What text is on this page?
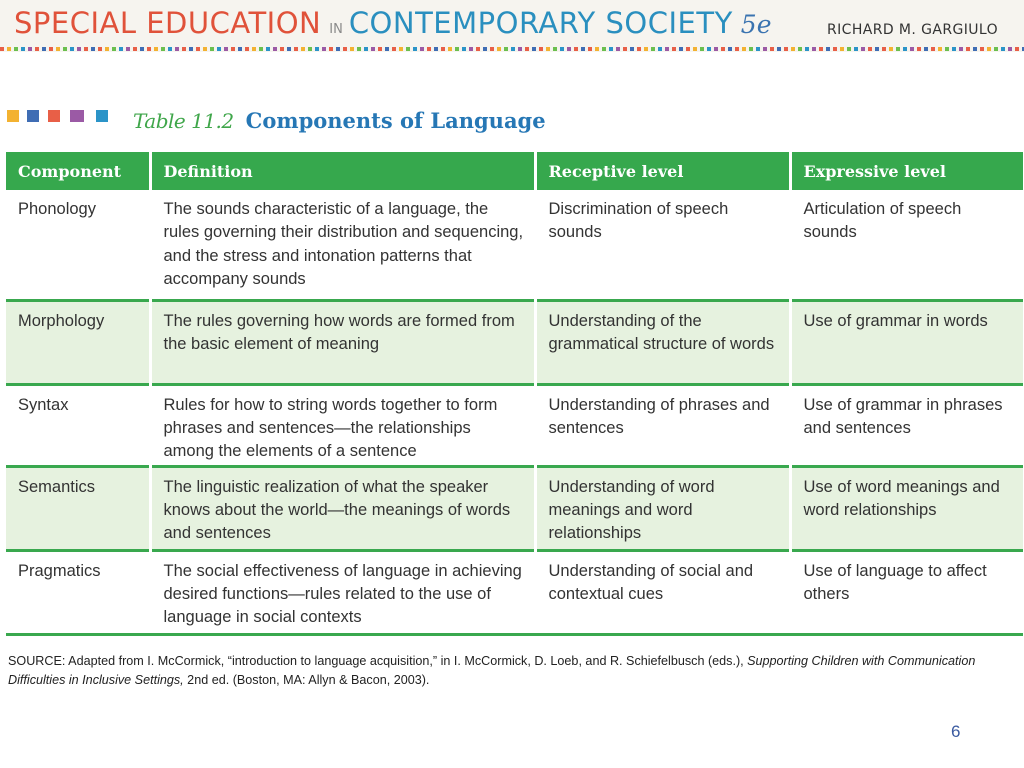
SPECIAL EDUCATION IN CONTEMPORARY SOCIETY 5e	RICHARD M. GARGIULO
Table 11.2 Components of Language
Component	Definition	Receptive level	Expressive level
Phonology	The sounds characteristic of a language, the rules governing their distribution and sequencing, and the stress and intonation patterns that accompany sounds	Discrimination of speech sounds	Articulation of speech sounds
Morphology	The rules governing how words are formed from the basic element of meaning	Understanding of the grammatical structure of words	Use of grammar in words
Syntax	Rules for how to string words together to form phrases and sentences—the relationships among the elements of a sentence	Understanding of phrases and sentences	Use of grammar in phrases and sentences
Semantics	The linguistic realization of what the speaker knows about the world—the meanings of words and sentences	Understanding of word meanings and word relationships	Use of word meanings and word relationships
Pragmatics	The social effectiveness of language in achieving desired functions—rules related to the use of language in social contexts	Understanding of social and contextual cues	Use of language to affect others
SOURCE: Adapted from I. McCormick, “introduction to language acquisition,” in I. McCormick, D. Loeb, and R. Schiefelbusch (eds.), Supporting Children with Communication
Difficulties in Inclusive Settings, 2nd ed. (Boston, MA: Allyn & Bacon, 2003).
6
